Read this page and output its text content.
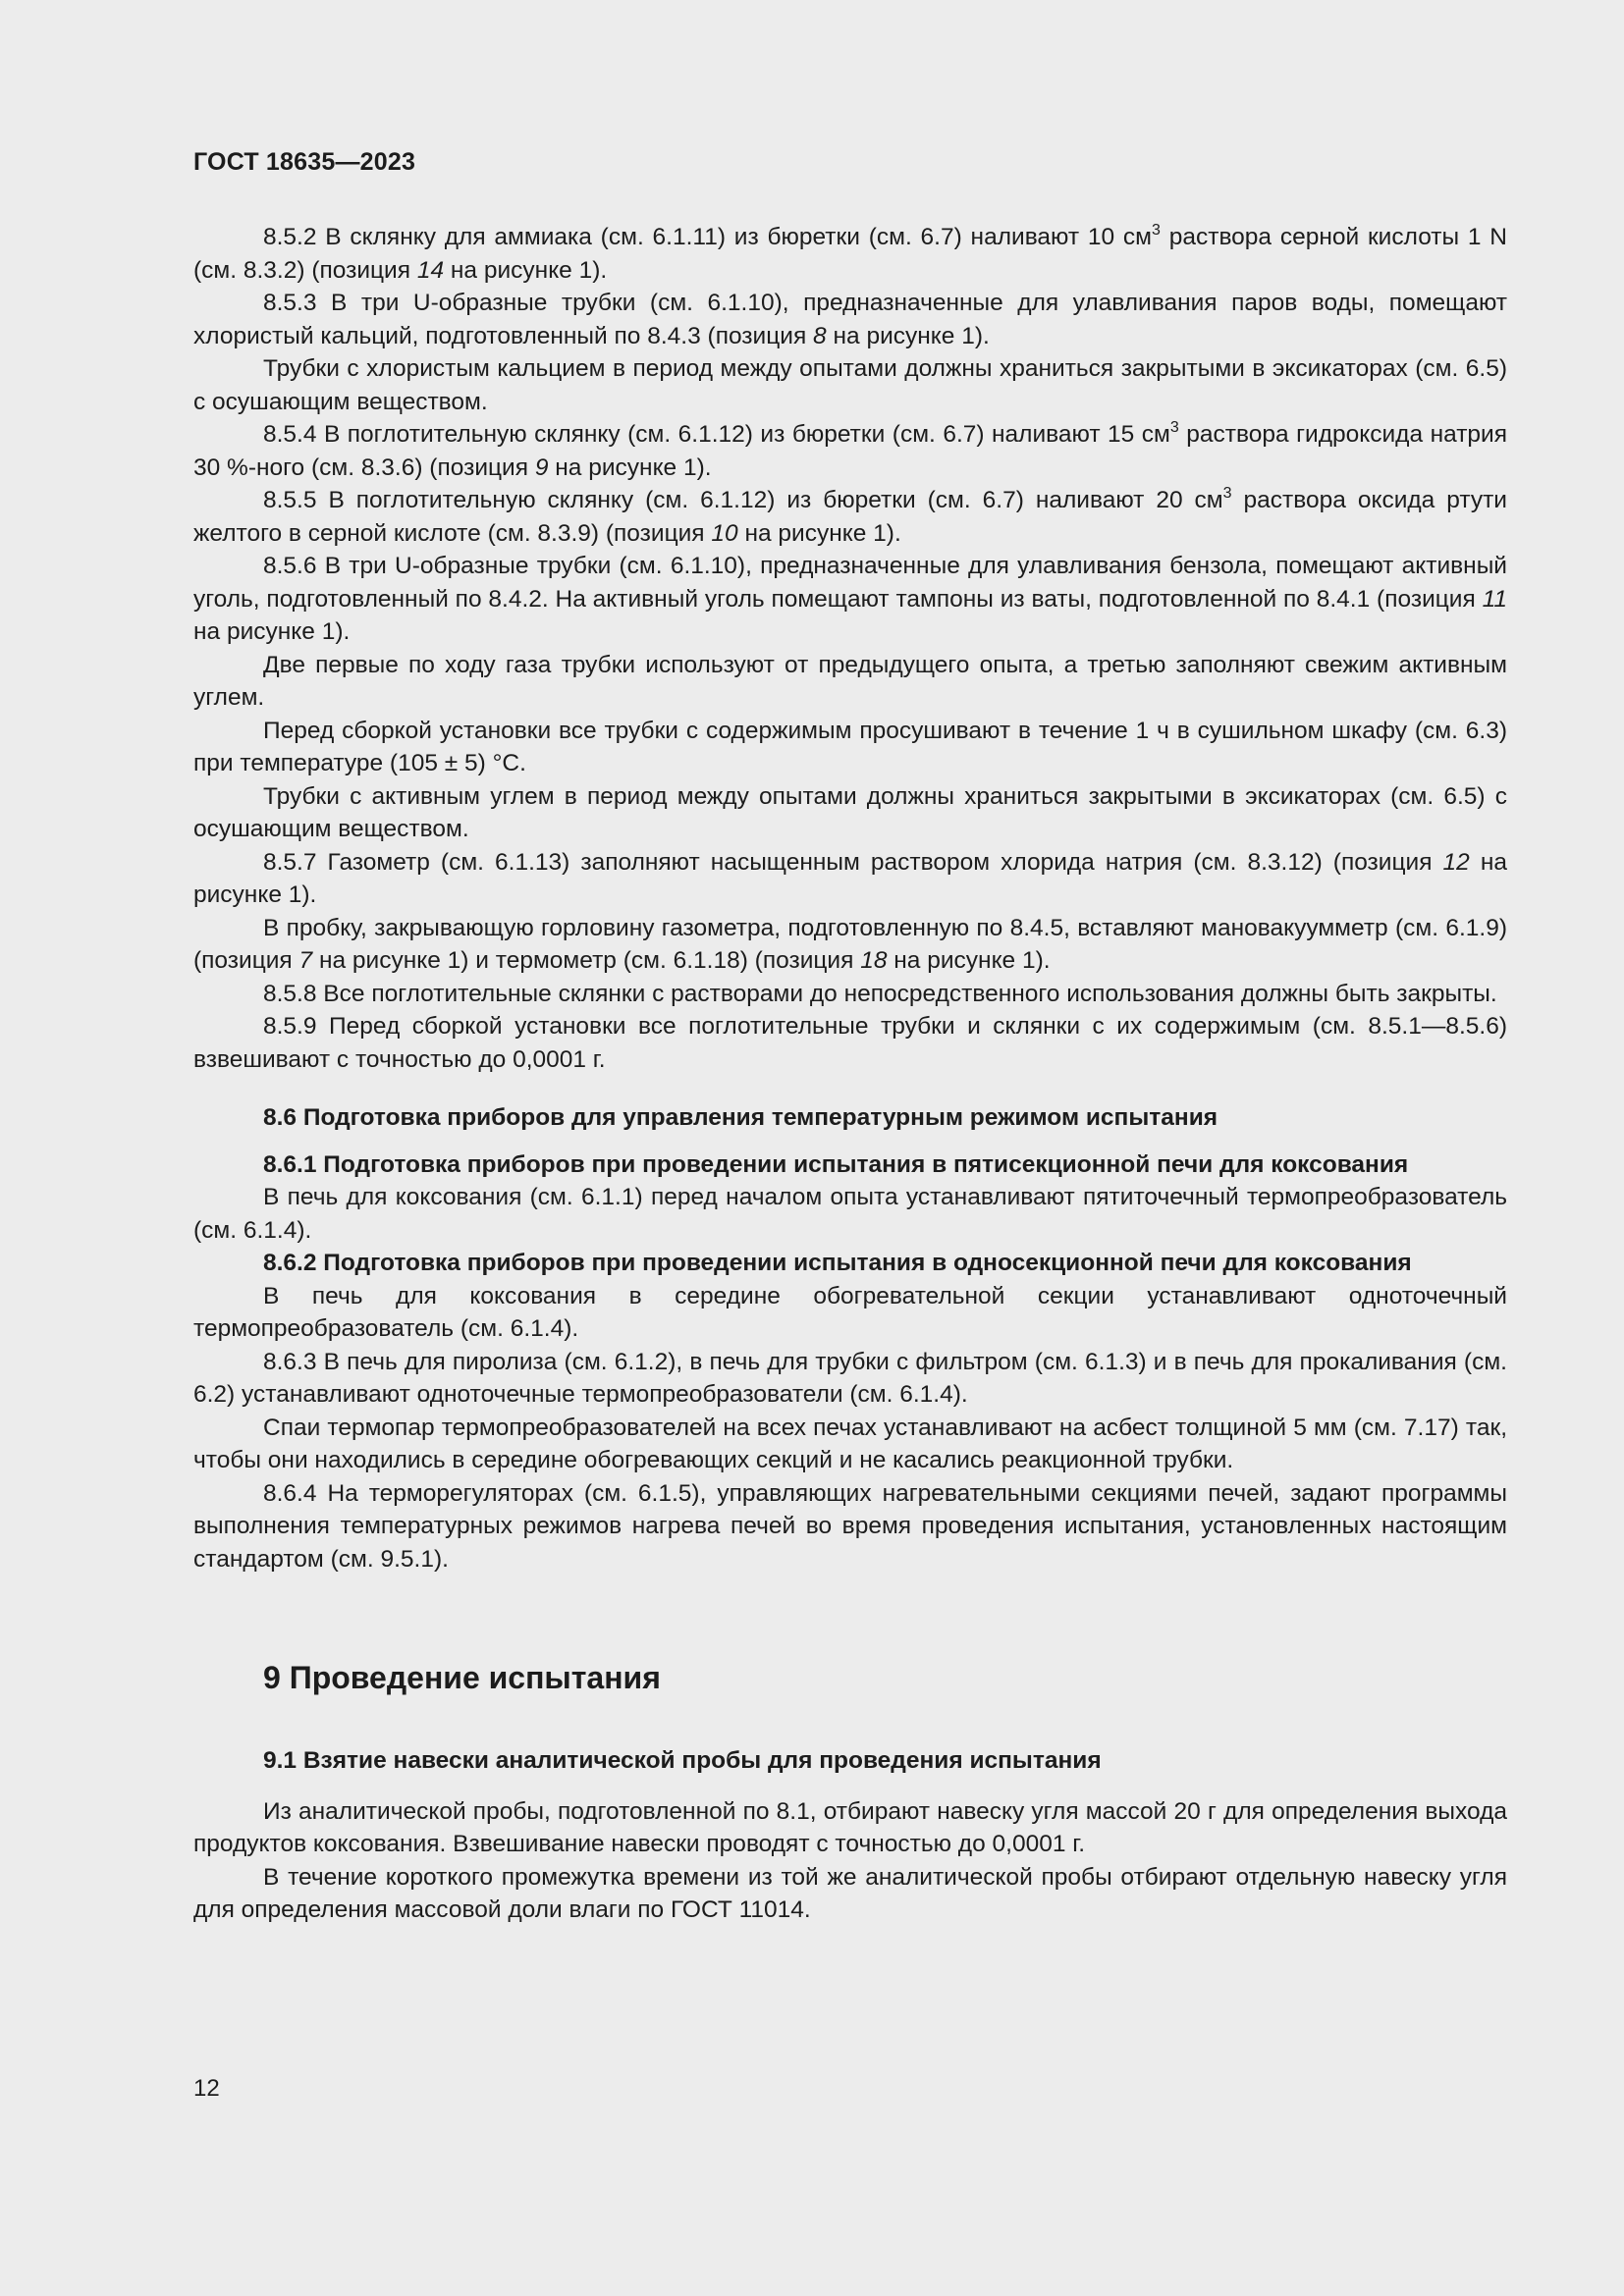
ГОСТ 18635—2023

8.5.2 В склянку для аммиака (см. 6.1.11) из бюретки (см. 6.7) наливают 10 $см^3$ раствора серной кислоты 1 N (см. 8.3.2) (позиция 14 на рисунке 1).

8.5.3 В три U-образные трубки (см. 6.1.10), предназначенные для улавливания паров воды, помещают хлористый кальций, подготовленный по 8.4.3 (позиция 8 на рисунке 1).

Трубки с хлористым кальцием в период между опытами должны храниться закрытыми в эксикаторах (см. 6.5) с осушающим веществом.

8.5.4 В поглотительную склянку (см. 6.1.12) из бюретки (см. 6.7) наливают 15 $см^3$ раствора гидроксида натрия 30 %-ного (см. 8.3.6) (позиция 9 на рисунке 1).

8.5.5 В поглотительную склянку (см. 6.1.12) из бюретки (см. 6.7) наливают 20 $см^3$ раствора оксида ртути желтого в серной кислоте (см. 8.3.9) (позиция 10 на рисунке 1).

8.5.6 В три U-образные трубки (см. 6.1.10), предназначенные для улавливания бензола, помещают активный уголь, подготовленный по 8.4.2. На активный уголь помещают тампоны из ваты, подготовленной по 8.4.1 (позиция 11 на рисунке 1).

Две первые по ходу газа трубки используют от предыдущего опыта, а третью заполняют свежим активным углем.

Перед сборкой установки все трубки с содержимым просушивают в течение 1 ч в сушильном шкафу (см. 6.3) при температуре (105 ± 5) °С.

Трубки с активным углем в период между опытами должны храниться закрытыми в эксикаторах (см. 6.5) с осушающим веществом.

8.5.7 Газометр (см. 6.1.13) заполняют насыщенным раствором хлорида натрия (см. 8.3.12) (позиция 12 на рисунке 1).

В пробку, закрывающую горловину газометра, подготовленную по 8.4.5, вставляют мановакуумметр (см. 6.1.9) (позиция 7 на рисунке 1) и термометр (см. 6.1.18) (позиция 18 на рисунке 1).

8.5.8 Все поглотительные склянки с растворами до непосредственного использования должны быть закрыты.

8.5.9 Перед сборкой установки все поглотительные трубки и склянки с их содержимым (см. 8.5.1—8.5.6) взвешивают с точностью до 0,0001 г.

8.6 Подготовка приборов для управления температурным режимом испытания
8.6.1 Подготовка приборов при проведении испытания в пятисекционной печи для коксования

В печь для коксования (см. 6.1.1) перед началом опыта устанавливают пятиточечный термопреобразователь (см. 6.1.4).

8.6.2 Подготовка приборов при проведении испытания в односекционной печи для коксования

В печь для коксования в середине обогревательной секции устанавливают одноточечный термопреобразователь (см. 6.1.4).

8.6.3 В печь для пиролиза (см. 6.1.2), в печь для трубки с фильтром (см. 6.1.3) и в печь для прокаливания (см. 6.2) устанавливают одноточечные термопреобразователи (см. 6.1.4).

Спаи термопар термопреобразователей на всех печах устанавливают на асбест толщиной 5 мм (см. 7.17) так, чтобы они находились в середине обогревающих секций и не касались реакционной трубки.

8.6.4 На терморегуляторах (см. 6.1.5), управляющих нагревательными секциями печей, задают программы выполнения температурных режимов нагрева печей во время проведения испытания, установленных настоящим стандартом (см. 9.5.1).

9 Проведение испытания
9.1 Взятие навески аналитической пробы для проведения испытания

Из аналитической пробы, подготовленной по 8.1, отбирают навеску угля массой 20 г для определения выхода продуктов коксования. Взвешивание навески проводят с точностью до 0,0001 г.

В течение короткого промежутка времени из той же аналитической пробы отбирают отдельную навеску угля для определения массовой доли влаги по ГОСТ 11014.

12
